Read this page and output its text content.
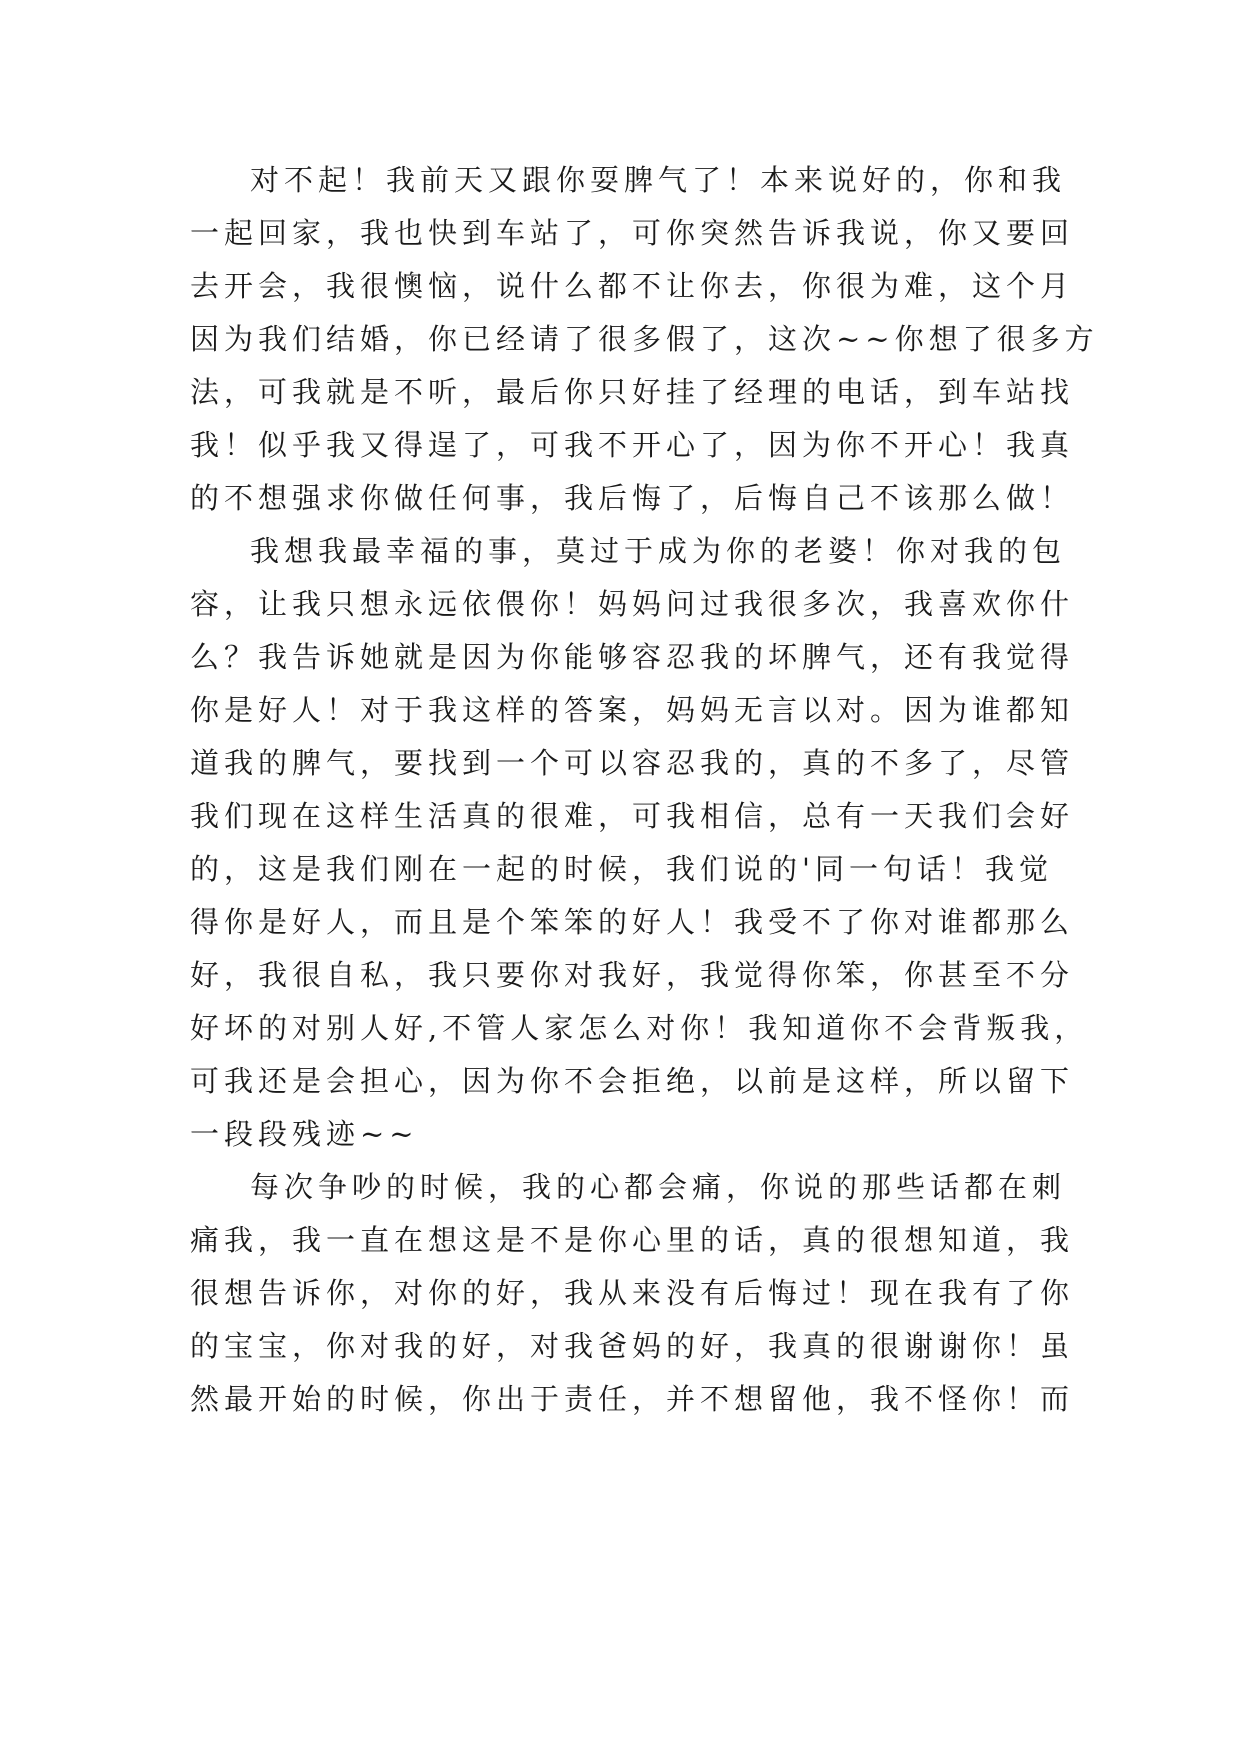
对不起！我前天又跟你耍脾气了！本来说好的，你和我
一起回家，我也快到车站了，可你突然告诉我说，你又要回
去开会，我很懊恼，说什么都不让你去，你很为难，这个月
因为我们结婚，你已经请了很多假了，这次~~你想了很多方
法，可我就是不听，最后你只好挂了经理的电话，到车站找
我！似乎我又得逞了，可我不开心了，因为你不开心！我真
的不想强求你做任何事，我后悔了，后悔自己不该那么做！
我想我最幸福的事，莫过于成为你的老婆！你对我的包
容，让我只想永远依偎你！妈妈问过我很多次，我喜欢你什
么？我告诉她就是因为你能够容忍我的坏脾气，还有我觉得
你是好人！对于我这样的答案，妈妈无言以对。因为谁都知
道我的脾气，要找到一个可以容忍我的，真的不多了，尽管
我们现在这样生活真的很难，可我相信，总有一天我们会好
的，这是我们刚在一起的时候，我们说的'同一句话！我觉
得你是好人，而且是个笨笨的好人！我受不了你对谁都那么
好，我很自私，我只要你对我好，我觉得你笨，你甚至不分
好坏的对别人好,不管人家怎么对你！我知道你不会背叛我，
可我还是会担心，因为你不会拒绝，以前是这样，所以留下
一段段残迹~~
每次争吵的时候，我的心都会痛，你说的那些话都在刺
痛我，我一直在想这是不是你心里的话，真的很想知道，我
很想告诉你，对你的好，我从来没有后悔过！现在我有了你
的宝宝，你对我的好，对我爸妈的好，我真的很谢谢你！虽
然最开始的时候，你出于责任，并不想留他，我不怪你！而
